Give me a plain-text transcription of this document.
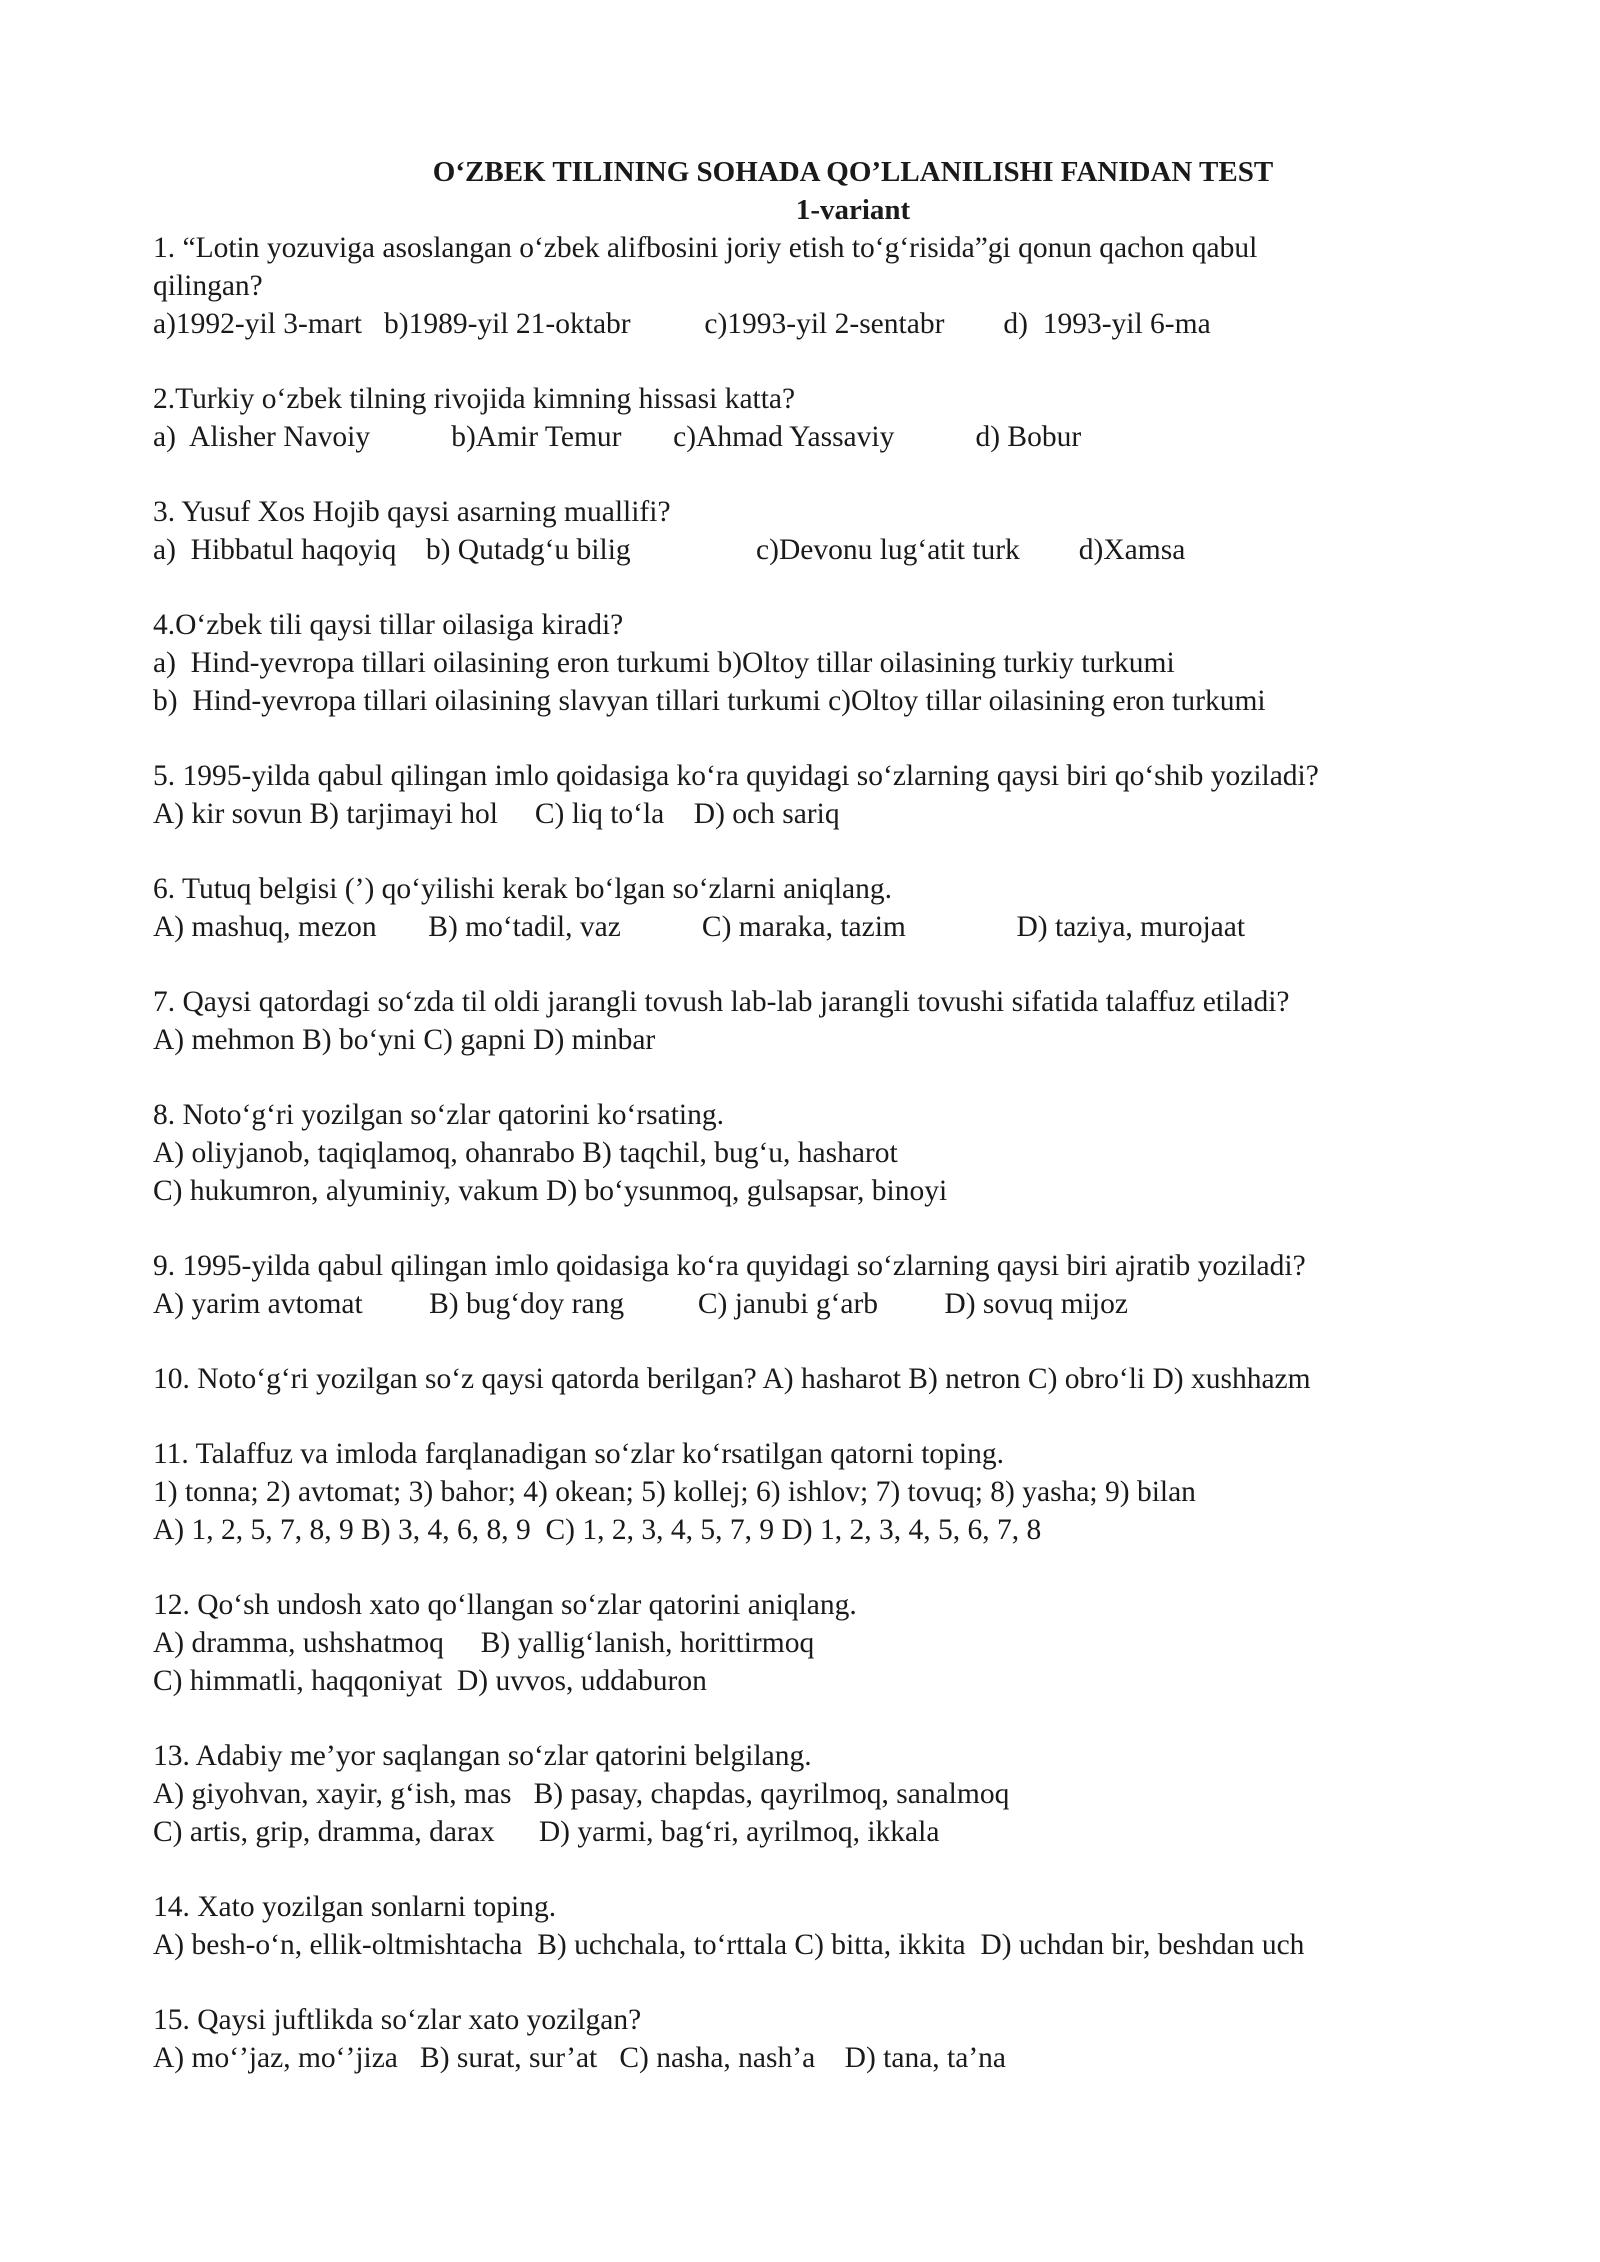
O‘ZBEK TILINING SOHADA QO’LLANILISHI FANIDAN TEST
1-variant
1. “Lotin yozuviga asoslangan o‘zbek alifbosini joriy etish to‘g‘risida”gi qonun qachon qabul
qilingan?
a)1992-yil 3-mart   b)1989-yil 21-oktabr          c)1993-yil 2-sentabr        d)  1993-yil 6-ma
2.Turkiy o‘zbek tilning rivojida kimning hissasi katta?
a)  Alisher Navoiy           b)Amir Temur       c)Ahmad Yassaviy           d) Bobur
3. Yusuf Xos Hojib qaysi asarning muallifi?
a)  Hibbatul haqoyiq    b) Qutadg‘u bilig                 c)Devonu lug‘atit turk        d)Xamsa
4.O‘zbek tili qaysi tillar oilasiga kiradi?
a)  Hind-yevropa tillari oilasining eron turkumi b)Oltoy tillar oilasining turkiy turkumi
b)  Hind-yevropa tillari oilasining slavyan tillari turkumi c)Oltoy tillar oilasining eron turkumi
5. 1995-yilda qabul qilingan imlo qoidasiga ko‘ra quyidagi so‘zlarning qaysi biri qo‘shib yoziladi?
A) kir sovun B) tarjimayi hol     C) liq to‘la    D) och sariq
6. Tutuq belgisi (’) qo‘yilishi kerak bo‘lgan so‘zlarni aniqlang.
A) mashuq, mezon       B) mo‘tadil, vaz           C) maraka, tazim               D) taziya, murojaat
7. Qaysi qatordagi so‘zda til oldi jarangli tovush lab-lab jarangli tovushi sifatida talaffuz etiladi?
A) mehmon B) bo‘yni C) gapni D) minbar
8. Noto‘g‘ri yozilgan so‘zlar qatorini ko‘rsating.
A) oliyjanob, taqiqlamoq, ohanrabo B) taqchil, bug‘u, hasharot
C) hukumron, alyuminiy, vakum D) bo‘ysunmoq, gulsapsar, binoyi
9. 1995-yilda qabul qilingan imlo qoidasiga ko‘ra quyidagi so‘zlarning qaysi biri ajratib yoziladi?
A) yarim avtomat         B) bug‘doy rang          C) janubi g‘arb         D) sovuq mijoz
10. Noto‘g‘ri yozilgan so‘z qaysi qatorda berilgan? A) hasharot B) netron C) obro‘li D) xushhazm
11. Talaffuz va imloda farqlanadigan so‘zlar ko‘rsatilgan qatorni toping.
1) tonna; 2) avtomat; 3) bahor; 4) okean; 5) kollej; 6) ishlov; 7) tovuq; 8) yasha; 9) bilan
A) 1, 2, 5, 7, 8, 9 B) 3, 4, 6, 8, 9  C) 1, 2, 3, 4, 5, 7, 9 D) 1, 2, 3, 4, 5, 6, 7, 8
12. Qo‘sh undosh xato qo‘llangan so‘zlar qatorini aniqlang.
A) dramma, ushshatmoq     B) yallig‘lanish, horittirmoq
C) himmatli, haqqoniyat  D) uvvos, uddaburon
13. Adabiy me’yor saqlangan so‘zlar qatorini belgilang.
A) giyohvan, xayir, g‘ish, mas   B) pasay, chapdas, qayrilmoq, sanalmoq
C) artis, grip, dramma, darax      D) yarmi, bag‘ri, ayrilmoq, ikkala
14. Xato yozilgan sonlarni toping.
A) besh-o‘n, ellik-oltmishtacha  B) uchchala, to‘rttala C) bitta, ikkita  D) uchdan bir, beshdan uch
15. Qaysi juftlikda so‘zlar xato yozilgan?
A) mo‘’jaz, mo‘’jiza   B) surat, sur’at   C) nasha, nash’a    D) tana, ta’na
